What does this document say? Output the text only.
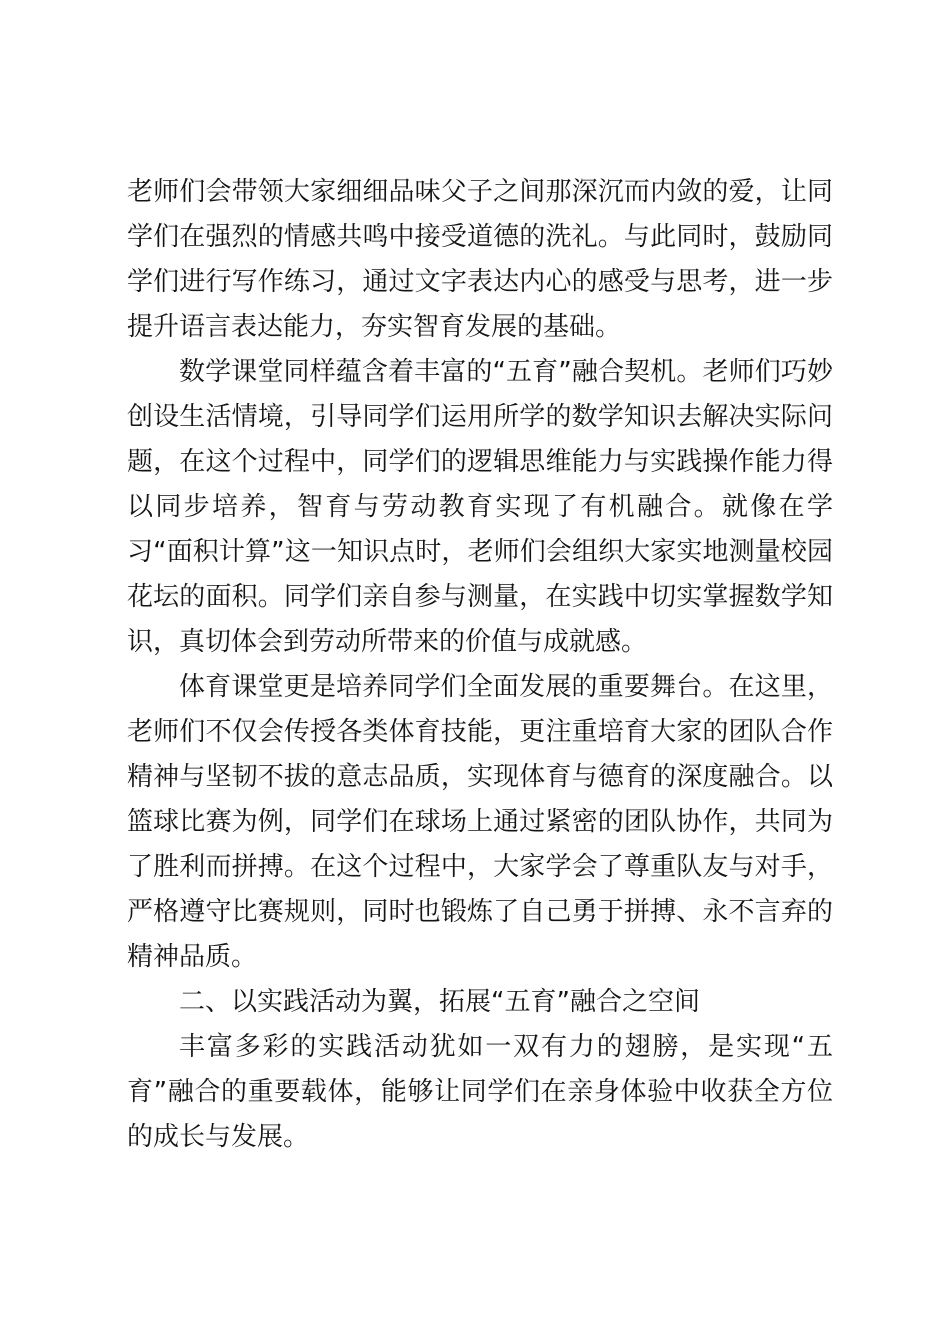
老师们会带领大家细细品味父子之间那深沉而内敛的爱，让同学们在强烈的情感共鸣中接受道德的洗礼。与此同时，鼓励同学们进行写作练习，通过文字表达内心的感受与思考，进一步提升语言表达能力，夯实智育发展的基础。

数学课堂同样蕴含着丰富的“五育”融合契机。老师们巧妙创设生活情境，引导同学们运用所学的数学知识去解决实际问题，在这个过程中，同学们的逻辑思维能力与实践操作能力得以同步培养，智育与劳动教育实现了有机融合。就像在学习“面积计算”这一知识点时，老师们会组织大家实地测量校园花坛的面积。同学们亲自参与测量，在实践中切实掌握数学知识，真切体会到劳动所带来的价值与成就感。

体育课堂更是培养同学们全面发展的重要舞台。在这里，老师们不仅会传授各类体育技能，更注重培育大家的团队合作精神与坚韧不拔的意志品质，实现体育与德育的深度融合。以篮球比赛为例，同学们在球场上通过紧密的团队协作，共同为了胜利而拼搏。在这个过程中，大家学会了尊重队友与对手，严格遵守比赛规则，同时也锻炼了自己勇于拼搏、永不言弃的精神品质。

二、以实践活动为翼，拓展“五育”融合之空间

丰富多彩的实践活动犹如一双有力的翅膀，是实现“五育”融合的重要载体，能够让同学们在亲身体验中收获全方位的成长与发展。
